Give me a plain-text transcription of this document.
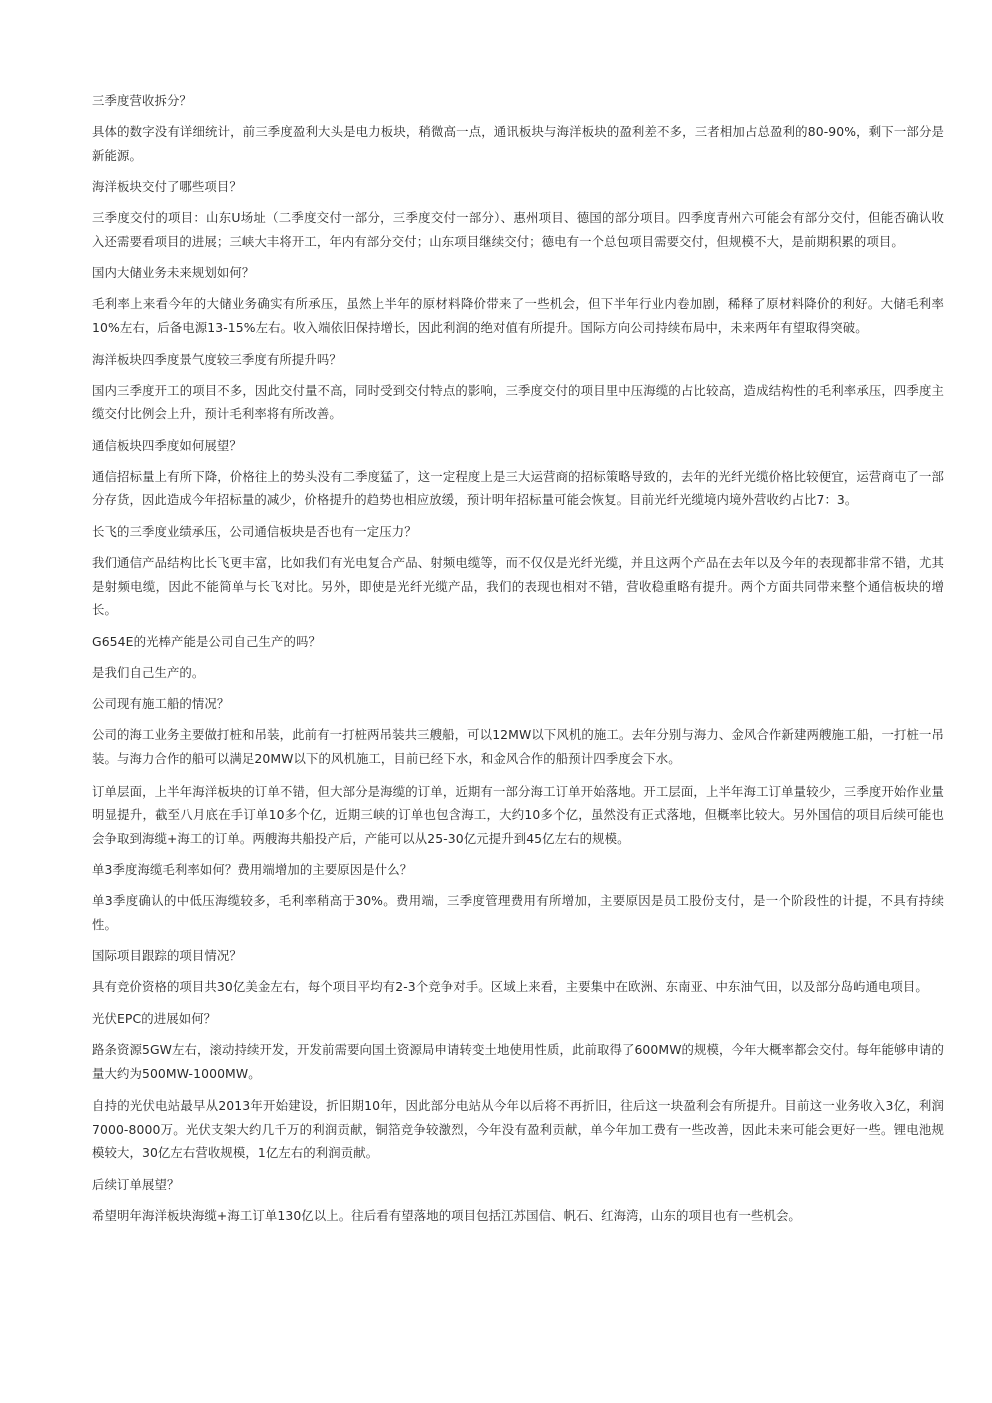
三季度营收拆分？

具体的数字没有详细统计，前三季度盈利大头是电力板块，稍微高一点，通讯板块与海洋板块的盈利差不多，三者相加占总盈利的80-90%，剩下一部分是新能源。

海洋板块交付了哪些项目？

三季度交付的项目：山东U场址（二季度交付一部分，三季度交付一部分）、惠州项目、德国的部分项目。四季度青州六可能会有部分交付，但能否确认收入还需要看项目的进展；三峡大丰将开工，年内有部分交付；山东项目继续交付；德电有一个总包项目需要交付，但规模不大，是前期积累的项目。

国内大储业务未来规划如何？

毛利率上来看今年的大储业务确实有所承压，虽然上半年的原材料降价带来了一些机会，但下半年行业内卷加剧，稀释了原材料降价的利好。大储毛利率10%左右，后备电源13-15%左右。收入端依旧保持增长，因此利润的绝对值有所提升。国际方向公司持续布局中，未来两年有望取得突破。

海洋板块四季度景气度较三季度有所提升吗？

国内三季度开工的项目不多，因此交付量不高，同时受到交付特点的影响，三季度交付的项目里中压海缆的占比较高，造成结构性的毛利率承压，四季度主缆交付比例会上升，预计毛利率将有所改善。

通信板块四季度如何展望？

通信招标量上有所下降，价格往上的势头没有二季度猛了，这一定程度上是三大运营商的招标策略导致的，去年的光纤光缆价格比较便宜，运营商屯了一部分存货，因此造成今年招标量的减少，价格提升的趋势也相应放缓，预计明年招标量可能会恢复。目前光纤光缆境内境外营收约占比7：3。

长飞的三季度业绩承压，公司通信板块是否也有一定压力？

我们通信产品结构比长飞更丰富，比如我们有光电复合产品、射频电缆等，而不仅仅是光纤光缆，并且这两个产品在去年以及今年的表现都非常不错，尤其是射频电缆，因此不能简单与长飞对比。另外，即使是光纤光缆产品，我们的表现也相对不错，营收稳重略有提升。两个方面共同带来整个通信板块的增长。

G654E的光棒产能是公司自己生产的吗？

是我们自己生产的。

公司现有施工船的情况？

公司的海工业务主要做打桩和吊装，此前有一打桩两吊装共三艘船，可以12MW以下风机的施工。去年分别与海力、金风合作新建两艘施工船，一打桩一吊装。与海力合作的船可以满足20MW以下的风机施工，目前已经下水，和金风合作的船预计四季度会下水。

订单层面，上半年海洋板块的订单不错，但大部分是海缆的订单，近期有一部分海工订单开始落地。开工层面，上半年海工订单量较少，三季度开始作业量明显提升，截至八月底在手订单10多个亿，近期三峡的订单也包含海工，大约10多个亿，虽然没有正式落地，但概率比较大。另外国信的项目后续可能也会争取到海缆+海工的订单。两艘海共船投产后，产能可以从25-30亿元提升到45亿左右的规模。

单3季度海缆毛利率如何？费用端增加的主要原因是什么？

单3季度确认的中低压海缆较多，毛利率稍高于30%。费用端，三季度管理费用有所增加，主要原因是员工股份支付，是一个阶段性的计提，不具有持续性。

国际项目跟踪的项目情况？

具有竞价资格的项目共30亿美金左右，每个项目平均有2-3个竞争对手。区域上来看，主要集中在欧洲、东南亚、中东油气田，以及部分岛屿通电项目。

光伏EPC的进展如何？

路条资源5GW左右，滚动持续开发，开发前需要向国土资源局申请转变土地使用性质，此前取得了600MW的规模，今年大概率都会交付。每年能够申请的量大约为500MW-1000MW。

自持的光伏电站最早从2013年开始建设，折旧期10年，因此部分电站从今年以后将不再折旧，往后这一块盈利会有所提升。目前这一业务收入3亿，利润7000-8000万。光伏支架大约几千万的利润贡献，铜箔竞争较激烈，今年没有盈利贡献，单今年加工费有一些改善，因此未来可能会更好一些。锂电池规模较大，30亿左右营收规模，1亿左右的利润贡献。

后续订单展望？

希望明年海洋板块海缆+海工订单130亿以上。往后看有望落地的项目包括江苏国信、帆石、红海湾，山东的项目也有一些机会。
